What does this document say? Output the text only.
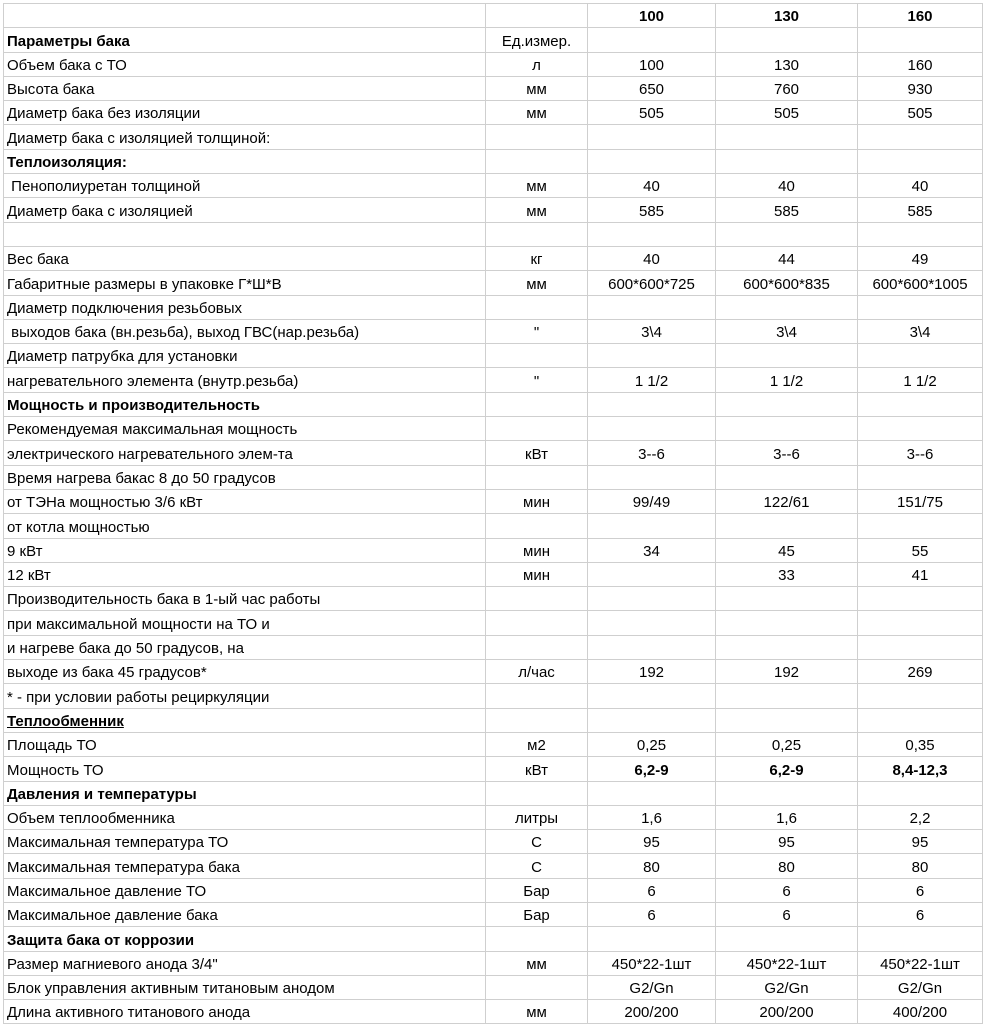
		100	130	160
Параметры бака	Ед.измер.			
Объем бака с ТО	л	100	130	160
Высота бака	мм	650	760	930
Диаметр бака без изоляции	мм	505	505	505
Диаметр бака с изоляцией толщиной:				
Теплоизоляция:				
Пенополиуретан толщиной	мм	40	40	40
Диаметр бака с изоляцией	мм	585	585	585

Вес бака	кг	40	44	49
Габаритные размеры в упаковке Г*Ш*В	мм	600*600*725	600*600*835	600*600*1005
Диаметр подключения резьбовых				
выходов бака (вн.резьба), выход ГВС(нар.резьба)	"	3\4	3\4	3\4
Диаметр патрубка для установки				
нагревательного элемента (внутр.резьба)	"	1 1/2	1 1/2	1 1/2
Мощность и производительность				
Рекомендуемая максимальная мощность				
электрического нагревательного элем-та	кВт	3--6	3--6	3--6
Время нагрева бакас 8 до 50 градусов				
от ТЭНа мощностью 3/6 кВт	мин	99/49	122/61	151/75
от котла мощностью				
9 кВт	мин	34	45	55
12 кВт	мин		33	41
Производительность бака в 1-ый час работы				
при максимальной мощности на ТО и				
и нагреве бака до 50 градусов, на				
выходе из бака 45 градусов*	л/час	192	192	269
* - при условии работы рециркуляции				
Теплообменник				
Площадь ТО	м2	0,25	0,25	0,35
Мощность ТО	кВт	6,2-9	6,2-9	8,4-12,3
Давления и температуры				
Объем теплообменника	литры	1,6	1,6	2,2
Максимальная температура ТО	С	95	95	95
Максимальная температура бака	С	80	80	80
Максимальное давление ТО	Бар	6	6	6
Максимальное давление бака	Бар	6	6	6
Защита бака от коррозии				
Размер магниевого анода 3/4"	мм	450*22-1шт	450*22-1шт	450*22-1шт
Блок управления активным титановым анодом		G2/Gn	G2/Gn	G2/Gn
Длина активного титанового анода	мм	200/200	200/200	400/200
